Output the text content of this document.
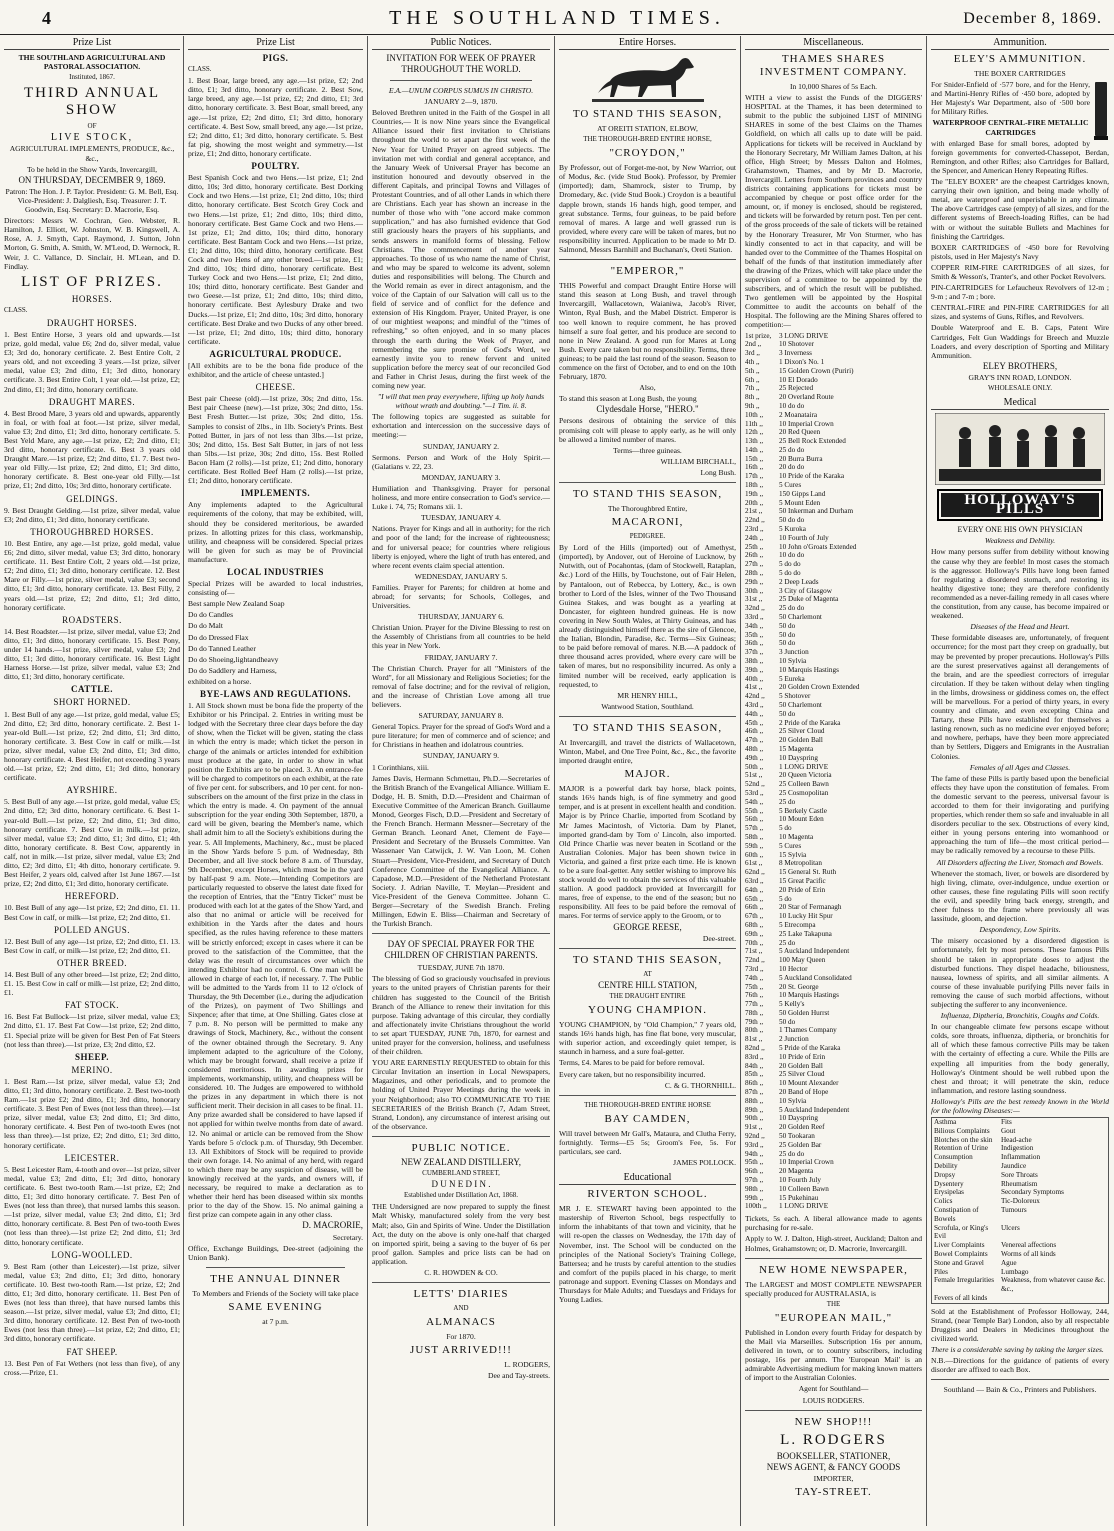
4	THE SOUTHLAND TIMES.	December 8, 1869.
Prize List

THE SOUTHLAND AGRICULTURAL AND PASTORAL ASSOCIATION.

Instituted, 1867.

THIRD ANNUAL SHOW

OF

LIVE STOCK,

AGRICULTURAL IMPLEMENTS, PRODUCE, &c., &c.,

To be held in the Show Yards, Invercargill,

ON THURSDAY, DECEMBER 9, 1869.

Patron: The Hon. J. P. Taylor. President: G. M. Bell, Esq. Vice-President: J. Dalgliesh, Esq. Treasurer: J. T. Goodwin, Esq. Secretary: D. Macrorie, Esq.

Directors: Messrs W. Cochran, Geo. Webster, R. Hamilton, J. Elliott, W. Johnston, W. B. Kingswell, A. Rose, A. J. Smyth, Capt. Raymond, J. Sutton, John Morton, G. Smith, A. Smith, W. M'Leod, D. Wernock, R. Weir, J. C. Vallance, D. Sinclair, H. M'Lean, and D. Findlay.

LIST OF PRIZES.
HORSES.

CLASS.

DRAUGHT HORSES.

1. Best Entire Horse, 3 years old and upwards.—1st prize, gold medal, value £6; 2nd do, silver medal, value £3; 3rd do, honorary certificate. 2. Best Entire Colt, 2 years old, and not exceeding 3 years.—1st prize, silver medal, value £3; 2nd ditto, £1; 3rd ditto, honorary certificate. 3. Best Entire Colt, 1 year old.—1st prize, £2; 2nd ditto, £1; 3rd ditto, honorary certificate.

DRAUGHT MARES.

4. Best Brood Mare, 3 years old and upwards, apparently in foal, or with foal at foot.—1st prize, silver medal, value £3; 2nd ditto, £1; 3rd ditto, honorary certificate. 5. Best Yeld Mare, any age.—1st prize, £2; 2nd ditto, £1; 3rd ditto, honorary certificate. 6. Best 3 years old Draught Mare.—1st prize, £2; 2nd ditto, £1. 7. Best two-year old Filly.—1st prize, £2; 2nd ditto, £1; 3rd ditto, honorary certificate. 8. Best one-year old Filly.—1st prize, £1; 2nd ditto, 10s; 3rd ditto, honorary certificate.

GELDINGS.

9. Best Draught Gelding.—1st prize, silver medal, value £3; 2nd ditto, £1; 3rd ditto, honorary certificate.

THOROUGHBRED HORSES.

10. Best Entire, any age.—1st prize, gold medal, value £6; 2nd ditto, silver medal, value £3; 3rd ditto, honorary certificate. 11. Best Entire Colt, 2 years old.—1st prize, £2; 2nd ditto, £1; 3rd ditto, honorary certificate. 12. Best Mare or Filly.—1st prize, silver medal, value £3; second ditto, £1; 3rd ditto, honorary certificate. 13. Best Filly, 2 years old.—1st prize, £2; 2nd ditto, £1; 3rd ditto, honorary certificate.

ROADSTERS.

14. Best Roadster.—1st prize, silver medal, value £3; 2nd ditto, £1; 3rd ditto, honorary certificate. 15. Best Pony, under 14 hands.—1st prize, silver medal, value £3; 2nd ditto, £1; 3rd ditto, honorary certificate. 16. Best Light Harness Horse.—1st prize, silver medal, value £3; 2nd ditto, £1; 3rd ditto, honorary certificate.

CATTLE.
SHORT HORNED.

1. Best Bull of any age.—1st prize, gold medal, value £5; 2nd ditto, £2; 3rd ditto, honorary certificate. 2. Best 1-year-old Bull.—1st prize, £2; 2nd ditto, £1; 3rd ditto, honorary certificate. 3. Best Cow in calf or milk.—1st prize, silver medal, value £3; 2nd ditto, £1; 3rd ditto, honorary certificate. 4. Best Heifer, not exceeding 3 years old.—1st prize, £2; 2nd ditto, £1; 3rd ditto, honorary certificate.

AYRSHIRE.

5. Best Bull of any age.—1st prize, gold medal, value £5; 2nd ditto, £2; 3rd ditto, honorary certificate. 6. Best 1-year-old Bull.—1st prize, £2; 2nd ditto, £1; 3rd ditto, honorary certificate. 7. Best Cow in milk.—1st prize, silver medal, value £3; 2nd ditto, £1; 3rd ditto, £1; 4th ditto, honorary certificate. 8. Best Cow, apparently in calf, not in milk.—1st prize, silver medal, value £3; 2nd ditto, £2; 3rd ditto, £1; 4th ditto, honorary certificate. 9. Best Heifer, 2 years old, calved after 1st June 1867.—1st prize, £2; 2nd ditto, £1; 3rd ditto, honorary certificate.

HEREFORD.

10. Best Bull of any age—1st prize, £2; 2nd ditto, £1. 11. Best Cow in calf, or milk—1st prize, £2; 2nd ditto, £1.

POLLED ANGUS.

12. Best Bull of any age—1st prize, £2; 2nd ditto, £1. 13. Best Cow in calf, or milk—1st prize, £2; 2nd ditto, £1.

OTHER BREED.

14. Best Bull of any other breed—1st prize, £2; 2nd ditto, £1. 15. Best Cow in calf or milk—1st prize, £2; 2nd ditto, £1.

FAT STOCK.

16. Best Fat Bullock—1st prize, silver medal, value £3; 2nd ditto, £1. 17. Best Fat Cow—1st prize, £2; 2nd ditto, £1. Special prize will be given for Best Pen of Fat Steers (not less than three).—1st prize, £3; 2nd ditto, £2.

SHEEP.
MERINO.

1. Best Ram.—1st prize, silver medal, value £3; 2nd ditto, £1; 3rd ditto, honorary certificate. 2. Best two-tooth Ram.—1st prize £2; 2nd ditto, £1; 3rd ditto, honorary certificate. 3. Best Pen of Ewes (not less than three).—1st prize, silver medal, value £3; 2nd ditto, £1; 3rd ditto, honorary certificate. 4. Best Pen of two-tooth Ewes (not less than three).—1st prize, £2; 2nd ditto, £1; 3rd ditto, honorary certificate.

LEICESTER.

5. Best Leicester Ram, 4-tooth and over—1st prize, silver medal, value £3; 2nd ditto, £1; 3rd ditto, honorary certificate. 6. Best two-tooth Ram.—1st prize, £2; 2nd ditto, £1; 3rd ditto honorary certificate. 7. Best Pen of Ewes (not less than three), that nursed lambs this season.—1st prize, silver medal, value £3; 2nd ditto, £1; 3rd ditto, honorary certificate. 8. Best Pen of two-tooth Ewes (not less than three).—1st prize £2; 2nd ditto, £1; 3rd ditto, honorary certificate.

LONG-WOOLLED.

9. Best Ram (other than Leicester).—1st prize, silver medal, value £3; 2nd ditto, £1; 3rd ditto, honorary certificate. 10. Best two-tooth Ram.—1st prize, £2; 2nd ditto, £1; 3rd ditto, honorary certificate. 11. Best Pen of Ewes (not less than three), that have nursed lambs this season.—1st prize, silver medal, value £3; 2nd ditto, £1; 3rd ditto, honorary certificate. 12. Best Pen of two-tooth Ewes (not less than three).—1st prize, £2; 2nd ditto, £1; 3rd ditto, honorary certificate.

FAT SHEEP.

13. Best Pen of Fat Wethers (not less than five), of any cross.—Prize, £1.

Prize List
PIGS.

CLASS.

1. Best Boar, large breed, any age.—1st prize, £2; 2nd ditto, £1; 3rd ditto, honorary certificate. 2. Best Sow, large breed, any age.—1st prize, £2; 2nd ditto, £1; 3rd ditto, honorary certificate. 3. Best Boar, small breed, any age.—1st prize, £2; 2nd ditto, £1; 3rd ditto, honorary certificate. 4. Best Sow, small breed, any age.—1st prize, £2; 2nd ditto, £1; 3rd ditto, honorary certificate. 5. Best fat pig, showing the most weight and symmetry.—1st prize, £1; 2nd ditto, honorary certificate.

POULTRY.

Best Spanish Cock and two Hens.—1st prize, £1; 2nd ditto, 10s; 3rd ditto, honorary certificate. Best Dorking Cock and two Hens.—1st prize, £1; 2nd ditto, 10s; third ditto, honorary certificate. Best Scotch Grey Cock and two Hens.—1st prize, £1; 2nd ditto, 10s; third ditto, honorary certificate. Best Game Cock and two Hens.—1st prize, £1; 2nd ditto, 10s; third ditto, honorary certificate. Best Bantam Cock and two Hens.—1st prize, £1; 2nd ditto, 10s; third ditto, honorary certificate. Best Cock and two Hens of any other breed.—1st prize, £1; 2nd ditto, 10s; third ditto, honorary certificate. Best Turkey Cock and two Hens.—1st prize, £1; 2nd ditto, 10s; third ditto, honorary certificate. Best Gander and two Geese.—1st prize, £1; 2nd ditto, 10s; third ditto, honorary certificate. Best Aylesbury Drake and two Ducks.—1st prize, £1; 2nd ditto, 10s; 3rd ditto, honorary certificate. Best Drake and two Ducks of any other breed.—1st prize, £1; 2nd ditto, 10s; third ditto, honorary certificate.

AGRICULTURAL PRODUCE.

[All exhibits are to be the bona fide produce of the exhibitor, and the article of cheese untasted.]

CHEESE.

Best pair Cheese (old).—1st prize, 30s; 2nd ditto, 15s. Best pair Cheese (new).—1st prize, 30s; 2nd ditto, 15s. Best Fresh Butter.—1st prize, 30s; 2nd ditto, 15s. Samples to consist of 2lbs., in 1lb. Society's Prints. Best Potted Butter, in jars of not less than 3lbs.—1st prize, 30s; 2nd ditto, 15s. Best Salt Butter, in jars of not less than 5lbs.—1st prize, 30s; 2nd ditto, 15s. Best Rolled Bacon Ham (2 rolls).—1st prize, £1; 2nd ditto, honorary certificate. Best Rolled Beef Ham (2 rolls).—1st prize, £1; 2nd ditto, honorary certificate.

IMPLEMENTS.

Any implements adapted to the Agricultural requirements of the colony, that may be exhibited, will, should they be considered meritorious, be awarded prizes. In allotting prizes for this class, workmanship, utility, and cheapness will be considered. Special prizes will be given for such as may be of Provincial manufacture.

LOCAL INDUSTRIES

Special Prizes will be awarded to local industries, consisting of—

Best sample New Zealand Soap

Do do Candles

Do do Malt

Do do Dressed Flax

Do do Tanned Leather

Do do Shoeing,lightandheavy

Do do Saddlery and Harness,

exhibited on a horse.

BYE-LAWS AND REGULATIONS.

1. All Stock shown must be bona fide the property of the Exhibitor or his Principal. 2. Entries in writing must be lodged with the Secretary three clear days before the day of show, when the Ticket will be given, stating the class in which the entry is made; which ticket the person in charge of the animals or articles intended for exhibition must produce at the gate, in order to show in what position the Exhibits are to be placed. 3. An entrance-fee will be charged to competitors on each exhibit, at the rate of five per cent. for subscribers, and 10 per cent. for non-subscribers on the amount of the first prize in the class in which the entry is made. 4. On payment of the annual subscription for the year ending 30th September, 1870, a card will be given, bearing the Member's name, which shall admit him to all the Society's exhibitions during the year. 5. All Implements, Machinery, &c., must be placed in the Show Yards before 5 p.m. of Wednesday, 8th December, and all live stock before 8 a.m. of Thursday, 9th December, except Horses, which must be in the yard by half-past 9 a.m. Note.—Intending Competitors are particularly requested to observe the latest date fixed for the reception of Entries, that the "Entry Ticket" must be produced with each lot at the gates of the Show Yard, and also that no animal or article will be received for exhibition in the Yards after the dates and hours specified, as the rules having reference to these matters will be strictly enforced; except in cases where it can be proved to the satisfaction of the Committee, that the delay was the result of circumstances over which the intending Exhibitor had no control. 6. One man will be allowed in charge of each lot, if necessary. 7. The Public will be admitted to the Yards from 11 to 12 o'clock of Thursday, the 9th December (i.e., during the adjudication of the Prizes), on payment of Two Shillings and Sixpence; after that time, at One Shilling. Gates close at 7 p.m. 8. No person will be permitted to make any drawings of Stock, Machinery, &c., without the consent of the owner obtained through the Secretary. 9. Any implement adapted to the agriculture of the Colony, which may be brought forward, shall receive a prize if considered meritorious. In awarding prizes for implements, workmanship, utility, and cheapness will be considered. 10. The Judges are empowered to withhold the prizes in any department in which there is not sufficient merit. Their decision in all cases to be final. 11. Any prize awarded shall be considered to have lapsed if not applied for within twelve months from date of award. 12. No animal or article can be removed from the Show Yards before 5 o'clock p.m. of Thursday, 9th December. 13. All Exhibitors of Stock will be required to provide their own forage. 14. No animal of any herd, with regard to which there may be any suspicion of disease, will be knowingly received at the yards, and owners will, if necessary, be required to make a declaration as to whether their herd has been diseased within six months prior to the day of the Show. 15. No animal gaining a first prize can compete again in any other class.

D. MACRORIE,

Secretary.

Office, Exchange Buildings, Dee-street (adjoining the Union Bank).

THE ANNUAL DINNER

To Members and Friends of the Society will take place

SAME EVENING

at 7 p.m.

Public Notices.

INVITATION FOR WEEK OF PRAYER THROUGHOUT THE WORLD.

E.A.—UNUM CORPUS SUMUS IN CHRISTO.

JANUARY 2—9, 1870.

Beloved Brethren united in the Faith of the Gospel in all Countries,— It is now Nine years since the Evangelical Alliance issued their first invitation to Christians throughout the world to set apart the first week of the New Year for United Prayer on agreed subjects. The invitation met with cordial and general acceptance, and the January Week of Universal Prayer has become an institution honoured and devoutly observed in the different Capitals, and principal Towns and Villages of Protestant Countries, and of all other Lands in which there are Christians. Each year has shown an increase in the number of those who with "one accord make common supplication," and has also furnished evidence that God still graciously hears the prayers of his suppliants, and sends answers in manifold forms of blessing. Fellow Christians. The commencement of another year approaches. To those of us who name the name of Christ, and who may be spared to welcome its advent, solemn duties and responsibilities will belong. The Church and the World remain as ever in direct antagonism, and the voice of the Captain of our Salvation will call us to the field of service and of conflict for the defence and extension of His Kingdom. Prayer, United Prayer, is one of our mightiest weapons; and mindful of the "times of refreshing," so often enjoyed, and in so many places through the earth during the Week of Prayer, and remembering the sure promise of God's Word, we earnestly invite you to renew fervent and united supplication before the mercy seat of our reconciled God and Father in Christ Jesus, during the first week of the coming new year.

"I will that men pray everywhere, lifting up holy hands without wrath and doubting."—1 Tim. ii. 8.

The following topics are suggested as suitable for exhortation and intercession on the successive days of meeting:—

SUNDAY, JANUARY 2.

Sermons. Person and Work of the Holy Spirit.—(Galatians v. 22, 23.

MONDAY, JANUARY 3.

Humiliation and Thanksgiving. Prayer for personal holiness, and more entire consecration to God's service.—Luke i. 74, 75; Romans xii. 1.

TUESDAY, JANUARY 4.

Nations. Prayer for Kings and all in authority; for the rich and poor of the land; for the increase of righteousness; and for universal peace; for countries where religious liberty is enjoyed, where the light of truth has entered, and where recent events claim special attention.

WEDNESDAY, JANUARY 5.

Families. Prayer for Parents; for children at home and abroad; for servants; for Schools, Colleges, and Universities.

THURSDAY, JANUARY 6.

Christian Union. Prayer for the Divine Blessing to rest on the Assembly of Christians from all countries to be held this year in New York.

FRIDAY, JANUARY 7.

The Christian Church. Prayer for all "Ministers of the Word", for all Missionary and Religious Societies; for the removal of false doctrine; and for the revival of religion, and the increase of Christian Love among all true believers.

SATURDAY, JANUARY 8.

General Topics. Prayer for the spread of God's Word and a pure literature; for men of commerce and of science; and for Christians in heathen and idolatrous countries.

SUNDAY, JANUARY 9.

1 Corinthians, xiii.

James Davis, Hermann Schmettau, Ph.D.—Secretaries of the British Branch of the Evangelical Alliance. William E. Dodge, H. B. Smith, D.D.—President and Chairman of Executive Committee of the American Branch. Guillaume Monod, Georges Fisch, D.D.—President and Secretary of the French Branch. Hermann Messner—Secretary of the German Branch. Leonard Anet, Clement de Faye—President and Secretary of the Brussels Committee. Van Wassenaer Van Catwijck, J. W. Van Loon, M. Cohen Stuart—President, Vice-President, and Secretary of Dutch Conference Committee of the Evangelical Alliance. A. Capadose, M.D.—President of the Netherland Protestant Society. J. Adrian Naville, T. Meylan—President and Vice-President of the Geneva Committee. Johann C. Berger—Secretary of the Swedish Branch. Freling Millingen, Edwin E. Bliss—Chairman and Secretary of the Turkish Branch.

DAY OF SPECIAL PRAYER FOR THE CHILDREN OF CHRISTIAN PARENTS.

TUESDAY, JUNE 7th 1870.

The blessing of God so graciously vouchsafed in previous years to the united prayers of Christian parents for their children has suggested to the Council of the British Branch of the Alliance to renew their invitation for this purpose. Taking advantage of this circular, they cordially and affectionately invite Christians throughout the world to set apart TUESDAY, JUNE 7th, 1870, for earnest and united prayer for the conversion, holiness, and usefulness of their children.

YOU ARE EARNESTLY REQUESTED to obtain for this Circular Invitation an insertion in Local Newspapers, Magazines, and other periodicals, and to promote the holding of United Prayer Meetings during the week in your Neighborhood; also TO COMMUNICATE TO THE SECRETARIES of the British Branch (7, Adam Street, Strand, London), any circumstance of interest arising out of the observance.

PUBLIC NOTICE.

NEW ZEALAND DISTILLERY,

CUMBERLAND STREET,

D U N E D I N .

Established under Distillation Act, 1868.

THE Undersigned are now prepared to supply the finest Malt Whisky, manufactured solely from the very best Malt; also, Gin and Spirits of Wine. Under the Distillation Act, the duty on the above is only one-half that charged on imported spirit, being a saving to the buyer of 6s per proof gallon. Samples and price lists can be had on application.

C. R. HOWDEN & CO.

LETTS' DIARIES

AND

ALMANACS

For 1870.

JUST ARRIVED!!!

L. RODGERS,

Dee and Tay-streets.

Entire Horses.
TO STAND THIS SEASON,

AT OREITI STATION, ELBOW,

THE THOROUGH-BRED ENTIRE HORSE,

"CROYDON,"

By Professor, out of Forget-me-not, by New Warrior, out of Modus, &c. (vide Stud Book). Professor, by Premier (imported); dam, Shamrock, sister to Trump, by Dromedary, &c. (vide Stud Book.) Croydon is a beautiful dapple brown, stands 16 hands high, good temper, and great substance. Terms, four guineas, to be paid before removal of mares. A large and well grassed run is provided, where every care will be taken of mares, but no responsibility incurred. Application to be made to Mr D. Salmond, Messrs Barnhill and Buchanan's, Oreti Station.

"EMPEROR,"

THIS Powerful and compact Draught Entire Horse will stand this season at Long Bush, and travel through Invercargill, Wallacetown, Waianiwa, Jacob's River, Winton, Ryal Bush, and the Mabel District. Emperor is too well known to require comment, he has proved himself a sure foal getter, and his produce are second to none in New Zealand. A good run for Mares at Long Bush. Every care taken but no responsibility. Terms, three guineas; to be paid the last round of the season. Season to commence on the first of October, and to end on the 10th February, 1870.

Also,

To stand this season at Long Bush, the young

Clydesdale Horse, "HERO."

Persons desirous of obtaining the service of this promising colt will please to apply early, as he will only be allowed a limited number of mares.

Terms—three guineas.

WILLIAM BIRCHALL,

Long Bush.

TO STAND THIS SEASON,

The Thoroughbred Entire,

MACARONI,

PEDIGREE.

By Lord of the Hills (imported) out of Amethyst, (imported), by Andover, out of Heroine of Lucknow, by Nutwith, out of Pocahontas, (dam of Stockwell, Rataplan, &c.) Lord of the Hills, by Touchstone, out of Fair Helen, by Pantaloon, out of Rebecca, by Lottery, &c., is own brother to Lord of the Isles, winner of the Two Thousand Guinea Stakes, and was bought as a yearling at Doncaster, for eighteen hundred guineas. He is now covering in New South Wales, at Thirty Guineas, and has already distinguished himself there as the sire of Glencoe, the Italian, Blondin, Paradise, &c. Terms—Six Guineas; to be paid before removal of mares. N.B.—A paddock of three thousand acres provided, where every care will be taken of mares, but no responsibility incurred. As only a limited number will be received, early application is requested, to

MR HENRY HILL,

Wantwood Station, Southland.

TO STAND THIS SEASON,

At Invercargill, and travel the districts of Wallacetown, Winton, Mabel, and One Tree Point, &c., &c., the favorite imported draught entire,

MAJOR.

MAJOR is a powerful dark bay horse, black points, stands 16½ hands high, is of fine symmetry and good temper, and is at present in excellent health and condition. Major is by Prince Charlie, imported from Scotland by Mr James Macintosh, of Victoria. Dam by Planet, imported grand-dam by Tom o' Lincoln, also imported. Old Prince Charlie was never beaten in Scotland or the Australian Colonies. Major has been shown twice in Victoria, and gained a first prize each time. He is known to be a sure foal-getter. Any settler wishing to improve his stock would do well to obtain the services of this valuable stallion. A good paddock provided at Invercargill for mares, free of expense, to the end of the season; but no responsibility. All fees to be paid before the removal of mares. For terms of service apply to the Groom, or to

GEORGE REESE,

Dee-street.

TO STAND THIS SEASON,

AT

CENTRE HILL STATION,

THE DRAUGHT ENTIRE

YOUNG CHAMPION.

YOUNG CHAMPION, by "Old Champion," 7 years old, stands 16½ hands high, has fine flat bone, very muscular, with superior action, and exceedingly quiet temper, is staunch in harness, and a sure foal-getter.

Terms, £4. Mares to be paid for before removal.

Every care taken, but no responsibility incurred.

C. & G. THORNHILL.

THE THOROUGH-BRED ENTIRE HORSE

BAY CAMDEN,

Will travel between Mr Gall's, Mataura, and Clutha Ferry, fortnightly. Terms—£5 5s; Groom's Fee, 5s. For particulars, see card.

JAMES POLLOCK.

Educational
RIVERTON SCHOOL.

MR J. E. STEWART having been appointed to the mastership of Riverton School, begs respectfully to inform the inhabitants of that town and vicinity, that he will re-open the classes on Wednesday, the 17th day of November, inst. The School will be conducted on the principles of the National Society's Training College, Battersea; and he trusts by careful attention to the studies and comfort of the pupils placed in his charge, to merit patronage and support. Evening Classes on Mondays and Thursdays for Male Adults; and Tuesdays and Fridays for Young Ladies.

Miscellaneous.
THAMES SHARES INVESTMENT COMPANY.

In 10,000 Shares of 5s Each.

WITH a view to assist the Funds of the DIGGERS' HOSPITAL at the Thames, it has been determined to submit to the public the subjoined LIST of MINING SHARES in some of the best Claims on the Thames Goldfield, on which all calls up to date will be paid. Applications for tickets will be received in Auckland by the Honorary Secretary, Mr William James Dalton, at his office, High Street; by Messrs Dalton and Holmes, Grahamstown, Thames, and by Mr D. Macrorie, Invercargill. Letters from Southern provinces and country districts containing applications for tickets must be accompanied by cheque or post office order for the amount, or, if money is enclosed, should be registered, and tickets will be forwarded by return post. Ten per cent. of the gross proceeds of the sale of tickets will be retained by the Honorary Treasurer, Mr Von Sturmer, who has kindly consented to act in that capacity, and will be handed over to the Committee of the Thames Hospital on behalf of the funds of that institution immediately after the drawing of the Prizes, which will take place under the supervision of a committee to be appointed by the subscribers, and of which the result will be published. Two gentlemen will be appointed by the Hospital Committee to audit the accounts on behalf of the Hospital. The following are the Mining Shares offered to competition:—

1st prize,	3 LONG DRIVE
2nd ,,	10 Shotover
3rd ,,	3 Inverness
4th ,,	1 Dixon's No. 1
5th ,,	15 Golden Crown (Puriri)
6th ,,	10 El Dorado
7th ,,	25 Rejected
8th ,,	20 Overland Route
9th ,,	10 do do
10th ,,	2 Moanataira
11th ,,	10 Imperial Crown
12th ,,	20 Red Queen
13th ,,	25 Bell Rock Extended
14th ,,	25 do do
15th ,,	20 Burra Burra
16th ,,	20 do do
17th ,,	10 Pride of the Karaka
18th ,,	5 Cures
19th ,,	150 Gipps Land
20th ,,	5 Mount Eden
21st ,,	50 Inkerman and Durham
22nd ,,	50 do do
23rd ,,	5 Kuroka
24th ,,	10 Fourth of July
25th ,,	10 John o'Groats Extended
26th ,,	10 do do
27th ,,	5 do do
28th ,,	5 do do
29th ,,	2 Deep Leads
30th ,,	3 City of Glasgow
31st ,,	25 Duke of Magenta
32nd ,,	25 do do
33rd ,,	50 Charlemont
34th ,,	50 do
35th ,,	50 do
36th ,,	50 do
37th ,,	3 Junction
38th ,,	10 Sylvia
39th ,,	10 Marquis Hastings
40th ,,	5 Eureka
41st ,,	20 Golden Crown Extended
42nd ,,	5 Shotover
43rd ,,	50 Charlemont
44th ,,	50 do
45th ,,	2 Pride of the Karaka
46th ,,	25 Silver Cloud
47th ,,	20 Golden Ball
48th ,,	15 Magenta
49th ,,	10 Dayspring
50th ,,	1 LONG DRIVE
51st ,,	20 Queen Victoria
52nd ,,	25 Colleen Bawn
53rd ,,	25 Cosmopolitan
54th ,,	25 do
55th ,,	5 Berkely Castle
56th ,,	10 Mount Eden
57th ,,	5 do
58th ,,	10 Magenta
59th ,,	5 Cures
60th ,,	15 Sylvia
61st ,,	8 Metropolitan
62nd ,,	15 General St. Ruth
63rd ,,	15 Great Pacific
64th ,,	20 Pride of Erin
65th ,,	5 do
66th ,,	20 Star of Fermanagh
67th ,,	10 Lucky Hit Spur
68th ,,	5 Etrecompa
69th ,,	25 Lake Takapuna
70th ,,	25 do
71st ,,	5 Auckland Independent
72nd ,,	100 May Queen
73rd ,,	10 Hector
74th ,,	5 Auckland Consolidated
75th ,,	20 St. George
76th ,,	10 Marquis Hastings
77th ,,	5 Kelly's
78th ,,	50 Golden Hurrst
79th ,,	50 do
80th ,,	1 Thames Company
81st ,,	2 Junction
82nd ,,	5 Pride of the Karaka
83rd ,,	10 Pride of Erin
84th ,,	20 Golden Ball
85th ,,	25 Silver Cloud
86th ,,	10 Mount Alexander
87th ,,	20 Band of Hope
88th ,,	10 Sylvia
89th ,,	5 Auckland Independent
90th ,,	10 Dayspring
91st ,,	20 Golden Reef
92nd ,,	50 Tookaran
93rd ,,	25 Golden Bar
94th ,,	25 do do
95th ,,	10 Imperial Crown
96th ,,	20 Magenta
97th ,,	10 Fourth July
98th ,,	10 Colleen Bawn
99th ,,	15 Pukehinau
100th ,,	1 LONG DRIVE

Tickets, 5s each. A liberal allowance made to agents purchasing for re-sale.

Apply to W. J. Dalton, High-street, Auckland; Dalton and Holmes, Grahamstown; or, D. Macrorie, Invercargill.

NEW HOME NEWSPAPER,

The LARGEST and MOST COMPLETE NEWSPAPER specially produced for AUSTRALASIA, is

THE

"EUROPEAN MAIL,"

Published in London every fourth Friday for despatch by the Mail via Marseilles. Subscription 16s per annum, delivered in town, or to country subscribers, including postage, 16s per annum. The 'European Mail' is an admirable Advertising medium for making known matters of import to the Australian Colonies.

Agent for Southland—

LOUIS RODGERS.

NEW SHOP!!!
L. RODGERS

BOOKSELLER, STATIONER,

NEWS AGENT, & FANCY GOODS

IMPORTER,

TAY-STREET.
Ammunition.
ELEY'S AMMUNITION.

THE BOXER CARTRIDGES

For Snider-Enfield of ·577 bore, and for the Henry, and Martini-Henry Rifles of ·450 bore, adopted by Her Majesty's War Department, also of ·500 bore for Military Rifles.

WATERPROOF CENTRAL-FIRE METALLIC CARTRIDGES

with enlarged Base for small bores, adopted by foreign governments for converted-Chassepot, Berdan, Remington, and other Rifles; also Cartridges for Ballard, the Spencer, and American Henry Repeating Rifles.

The "ELEY BOXER" are the cheapest Cartridges known, carrying their own ignition, and being made wholly of metal, are waterproof and unperishable in any climate. The above Cartridges case (empty) of all sizes, and for the different systems of Breech-loading Rifles, can be had with or without the suitable Bullets and Machines for finishing the Cartridges.

BOXER CARTRIDGES of ·450 bore for Revolving pistols, used in Her Majesty's Navy

COPPER RIM-FIRE CARTRIDGES of all sizes, for Smith & Wesson's, Tranter's, and other Pocket Revolvers.

PIN-CARTRIDGES for Lefaucheux Revolvers of 12-m ; 9-m ; and 7-m ; bore.

CENTRAL-FIRE and PIN-FIRE CARTRIDGES for all sizes, and systems of Guns, Rifles, and Revolvers.

Double Waterproof and E. B. Caps, Patent Wire Cartridges, Felt Gun Waddings for Breech and Muzzle Loaders, and every description of Sporting and Military Ammunition.

ELEY BROTHERS,

GRAY'S INN ROAD, LONDON.

WHOLESALE ONLY.

Medical
HOLLOWAY'S PILLS

EVERY ONE HIS OWN PHYSICIAN

Weakness and Debility.

How many persons suffer from debility without knowing the cause why they are feeble! In most cases the stomach is the aggressor. Holloway's Pills have long been famed for regulating a disordered stomach, and restoring its healthy digestive tone; they are therefore confidently recommended as a never-failing remedy in all cases where the constitution, from any cause, has become impaired or weakened.

Diseases of the Head and Heart.

These formidable diseases are, unfortunately, of frequent occurrence; for the most part they creep on gradually, but may be prevented by proper precautions. Holloway's Pills are the surest preservatives against all derangements of the brain, and are the speediest correctors of irregular circulation. If they be taken without delay when tingling in the limbs, drowsiness or giddiness comes on, the effect will be marvellous. For a period of thirty years, in every country and climate, and even excepting China and Tartary, these Pills have established for themselves a lasting renown, such as no medicine ever enjoyed before; and nowhere, perhaps, have they been more appreciated than by Settlers, Diggers and Emigrants in the Australian Colonies.

Females of all Ages and Classes.

The fame of these Pills is partly based upon the beneficial effects they have upon the constitution of females. From the domestic servant to the peeress, universal favour is accorded to them for their invigorating and purifying properties, which render them so safe and invaluable in all disorders peculiar to the sex. Obstructions of every kind, either in young persons entering into womanhood or approaching the turn of life—the most critical period—may be radically removed by a recourse to these Pills.

All Disorders affecting the Liver, Stomach and Bowels.

Whenever the stomach, liver, or bowels are disordered by high living, climate, over-indulgence, undue exertion or other causes, these fine regulating Pills will soon rectify the evil, and speedily bring back energy, strength, and cheer fulness to the frame where previously all was lassitude, gloom, and dejection.

Despondency, Low Spirits.

The misery occasioned by a disordered digestion is unfortunately, felt by most persons. These famous Pills should be taken in appropriate doses to adjust the disturbed functions. They dispel headache, biliousness, nausea, lowness of spirits, and all similar ailments. A course of these invaluable purifying Pills never fails in removing the cause of such morbid affections, without subjecting the sufferer to any inconvenience.

Influenza, Diptheria, Bronchitis, Coughs and Colds.

In our changeable climate few persons escape without colds, sore throats, influenza, diptheria, or bronchitis for all of which these famous corrective Pills may be taken with the certainty of effecting a cure. While the Pills are expelling all impurities from the body generally, Holloway's Ointment should be well rubbed upon the chest and throat; it will penetrate the skin, reduce inflammation, and restore lasting soundness.

Holloway's Pills are the best remedy known in the World for the following Diseases:—

Asthma	Fits
Bilious Complaints	Gout
Blotches on the skin	Head-ache
Retention of Urine	Indigestion
Consumption	Inflammation
Debility	Jaundice
Dropsy	Sore Throats
Dysentery	Rheumatism
Erysipelas	Secondary Symptoms
Colics	Tic-Doloreux
Constipation of Bowels	Tumours
Scrofula, or King's Evil	Ulcers
Liver Complaints	Venereal affections
Bowel Complaints	Worms of all kinds
Stone and Gravel	Ague
Piles	Lumbago
Female Irregularities	Weakness, from whatever cause &c. &c.,
Fevers of all kinds	

Sold at the Establishment of Professor Holloway, 244, Strand, (near Temple Bar) London, also by all respectable Druggists and Dealers in Medicines throughout the civilized world.

There is a considerable saving by taking the larger sizes.

N.B.—Directions for the guidance of patients of every disorder are affixed to each Box.

Southland — Bain & Co., Printers and Publishers.
